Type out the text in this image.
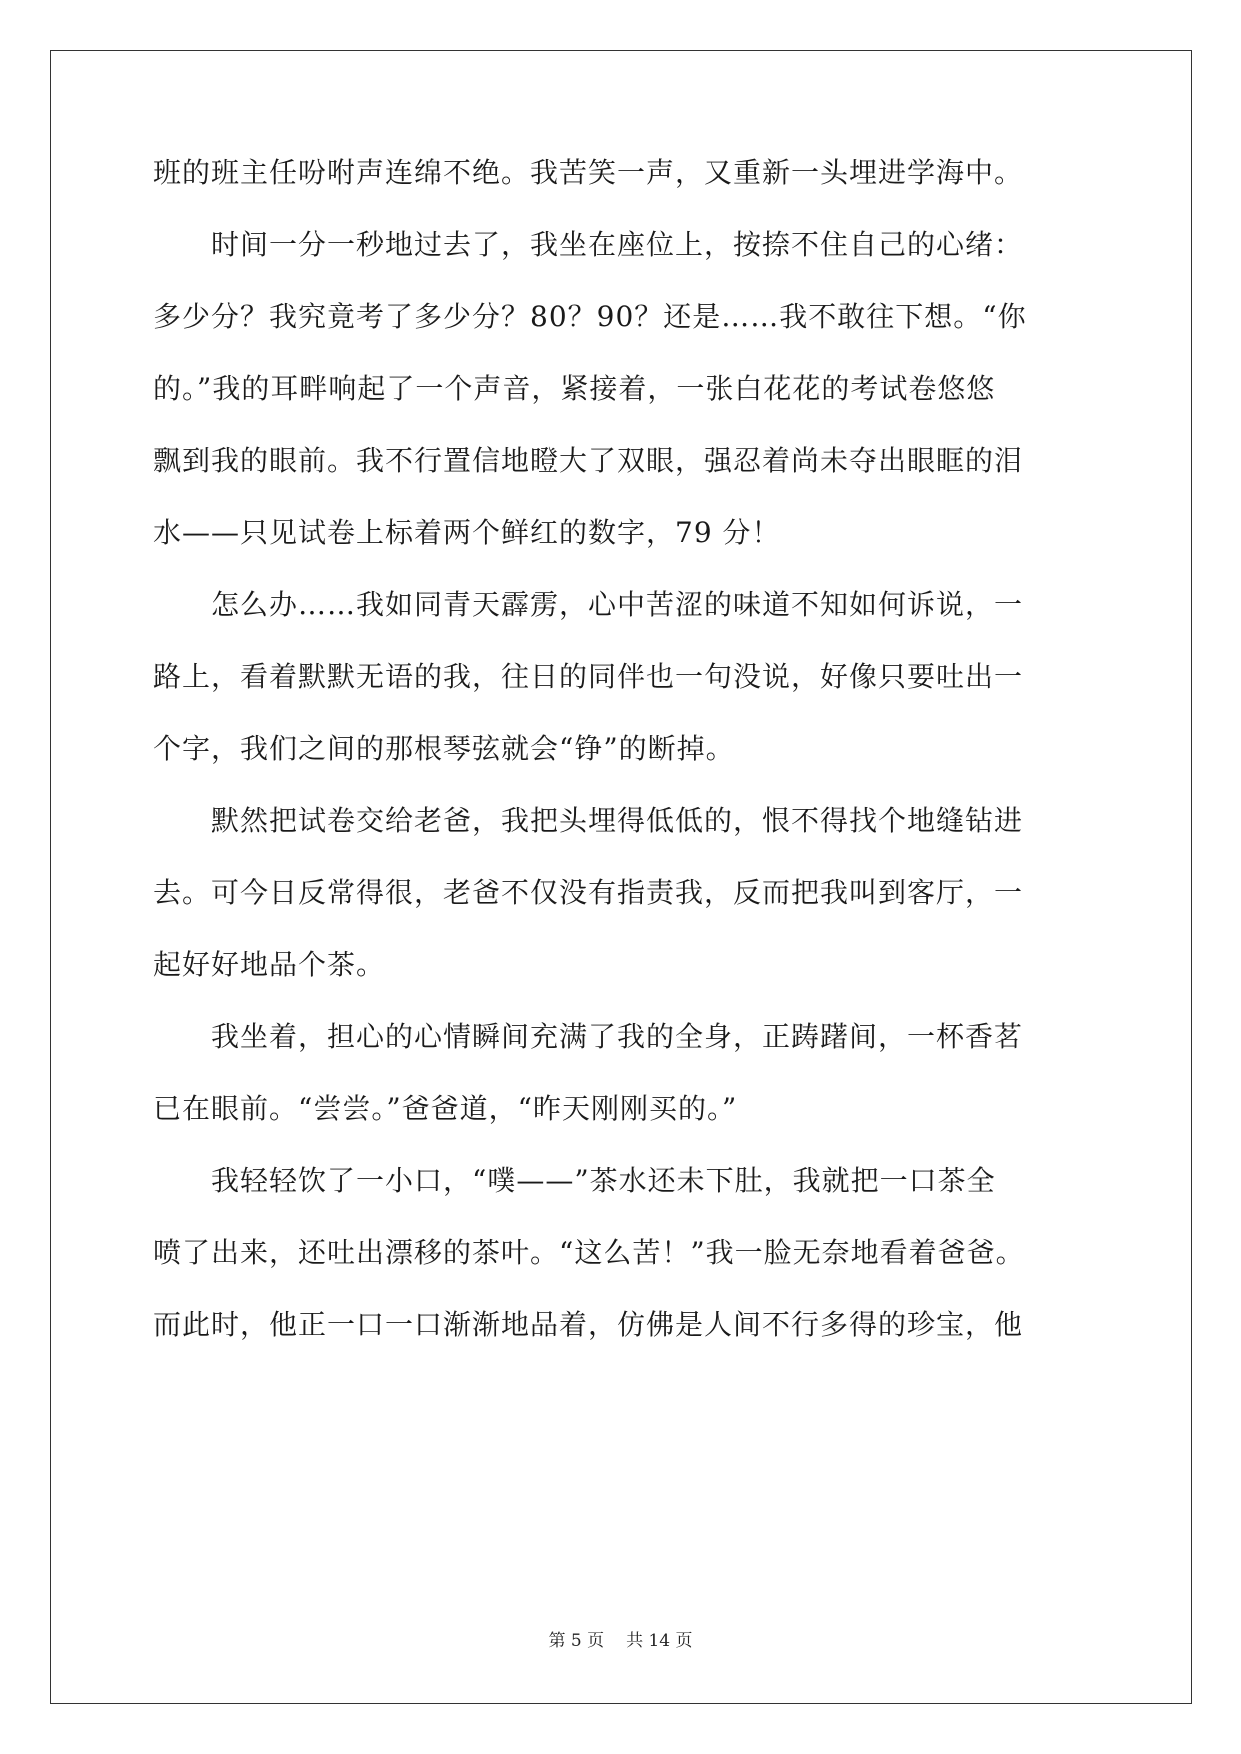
班的班主任吩咐声连绵不绝。我苦笑一声，又重新一头埋进学海中。
　　时间一分一秒地过去了，我坐在座位上，按捺不住自己的心绪：
多少分？我究竟考了多少分？80？90？还是……我不敢往下想。“你
的。”我的耳畔响起了一个声音，紧接着，一张白花花的考试卷悠悠
飘到我的眼前。我不行置信地瞪大了双眼，强忍着尚未夺出眼眶的泪
水——只见试卷上标着两个鲜红的数字，79 分！
　　怎么办……我如同青天霹雳，心中苦涩的味道不知如何诉说，一
路上，看着默默无语的我，往日的同伴也一句没说，好像只要吐出一
个字，我们之间的那根琴弦就会“铮”的断掉。
　　默然把试卷交给老爸，我把头埋得低低的，恨不得找个地缝钻进
去。可今日反常得很，老爸不仅没有指责我，反而把我叫到客厅，一
起好好地品个茶。
　　我坐着，担心的心情瞬间充满了我的全身，正踌躇间，一杯香茗
已在眼前。“尝尝。”爸爸道，“昨天刚刚买的。”
　　我轻轻饮了一小口，“噗——”茶水还未下肚，我就把一口茶全
喷了出来，还吐出漂移的茶叶。“这么苦！”我一脸无奈地看着爸爸。
而此时，他正一口一口渐渐地品着，仿佛是人间不行多得的珍宝，他
第 5 页 共 14 页
